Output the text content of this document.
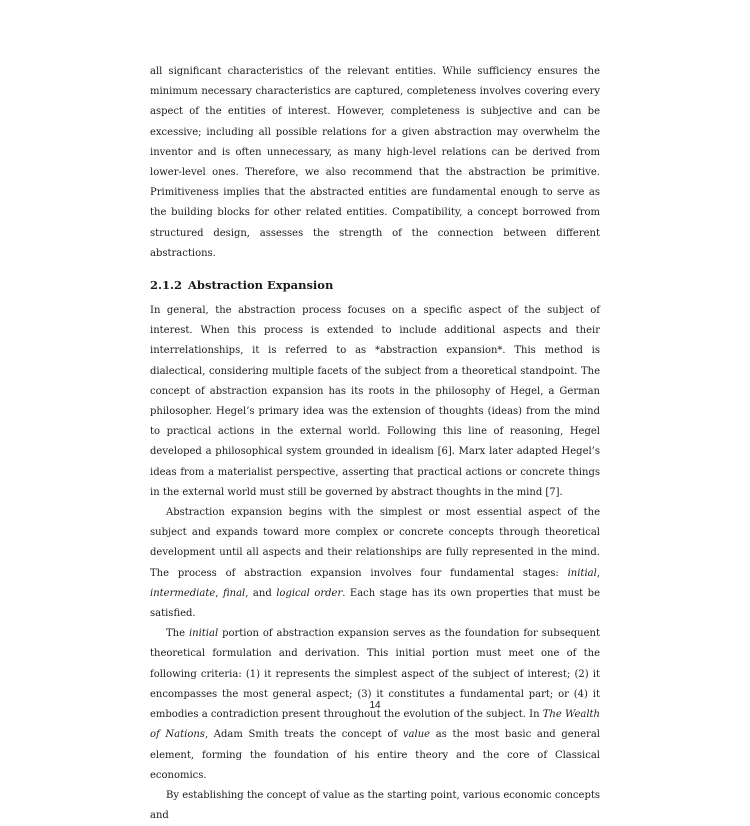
all significant characteristics of the relevant entities. While sufficiency ensures the minimum necessary characteristics are captured, completeness involves covering every aspect of the entities of interest. However, completeness is subjective and can be excessive; including all possible relations for a given abstraction may overwhelm the inventor and is often unnecessary, as many high-level relations can be derived from lower-level ones. Therefore, we also recommend that the abstraction be primitive. Primitiveness implies that the abstracted entities are fundamental enough to serve as the building blocks for other related entities. Compatibility, a concept borrowed from structured design, assesses the strength of the connection between different abstractions.

2.1.2 Abstraction Expansion

In general, the abstraction process focuses on a specific aspect of the subject of interest. When this process is extended to include additional aspects and their interrelationships, it is referred to as *abstraction expansion*. This method is dialectical, considering multiple facets of the subject from a theoretical standpoint. The concept of abstraction expansion has its roots in the philosophy of Hegel, a German philosopher. Hegel’s primary idea was the extension of thoughts (ideas) from the mind to practical actions in the external world. Following this line of reasoning, Hegel developed a philosophical system grounded in idealism [6]. Marx later adapted Hegel’s ideas from a materialist perspective, asserting that practical actions or concrete things in the external world must still be governed by abstract thoughts in the mind [7].

Abstraction expansion begins with the simplest or most essential aspect of the subject and expands toward more complex or concrete concepts through theoretical development until all aspects and their relationships are fully represented in the mind. The process of abstraction expansion involves four fundamental stages: initial, intermediate, final, and logical order. Each stage has its own properties that must be satisfied.

The initial portion of abstraction expansion serves as the foundation for subsequent theoretical formulation and derivation. This initial portion must meet one of the following criteria: (1) it represents the simplest aspect of the subject of interest; (2) it encompasses the most general aspect; (3) it constitutes a fundamental part; or (4) it embodies a contradiction present throughout the evolution of the subject. In The Wealth of Nations, Adam Smith treats the concept of value as the most basic and general element, forming the foundation of his entire theory and the core of Classical economics.

By establishing the concept of value as the starting point, various economic concepts and

14
